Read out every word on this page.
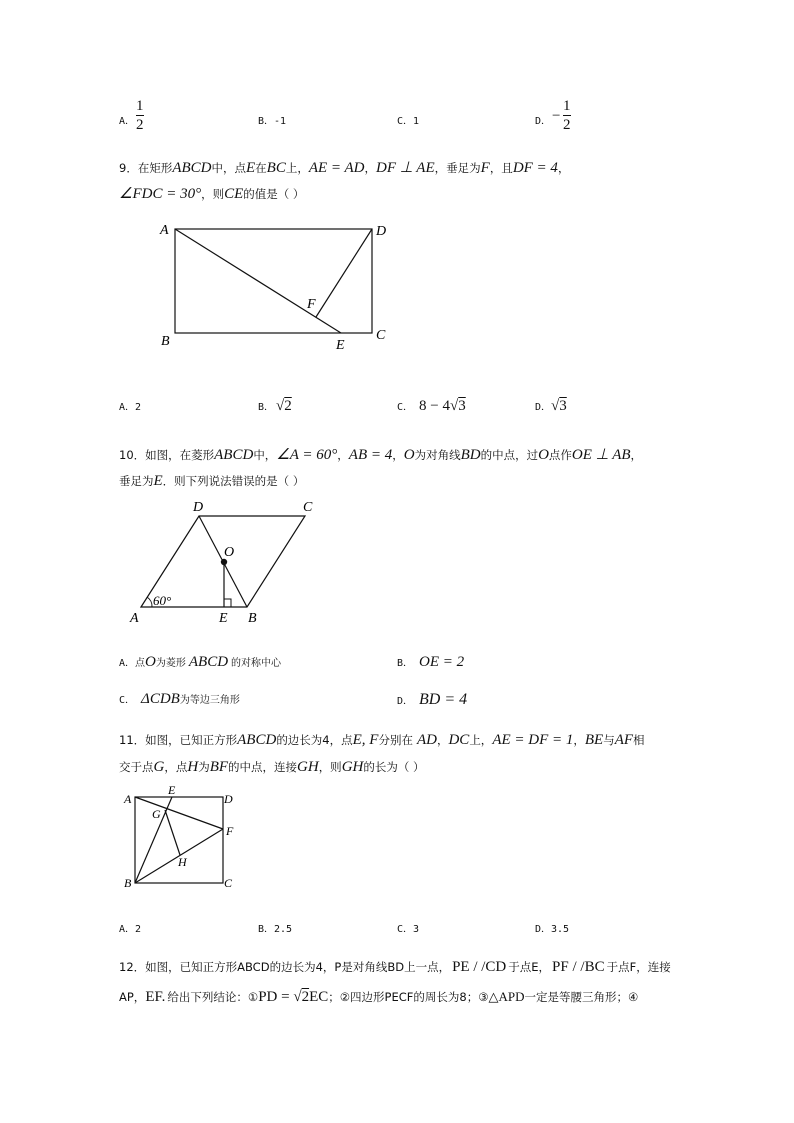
A．
1
2	B．-1	C．1	D． −
1
2
9．在矩形ABCD中，点E在BC上，AE = AD，DF ⊥ AE，垂足为F，且DF = 4，
∠FDC = 30°，则CE的值是（ ）
A	D
B	C
E
F
A．2	B． √2	C． 8 − 4√3	D．√3
10．如图，在菱形ABCD中，∠A = 60°，AB = 4，O为对角线BD的中点，过O点作OE ⊥ AB，
垂足为E．则下列说法错误的是（ ）
60°
A	E B
D	C
O
A．点O为菱形 ABCD 的对称中心	B． OE = 2
C． ΔCDB为等边三角形	D． BD = 4
11．如图，已知正方形ABCD的边长为4，点E, F分别在 AD，DC上，AE = DF = 1，BE与AF相
交于点G，点H为BF的中点，连接GH，则GH的长为（ ）
A
E
D
G
F
H
B	C
A．2	B．2.5	C．3	D．3.5
12．如图，已知正方形ABCD的边长为4，P是对角线BD上一点， PE / /CD 于点E， PF / /BC 于点F，连接
AP，EF. 给出下列结论：①PD = √2EC；②四边形PECF的周长为8；③△APD一定是等腰三角形；④
